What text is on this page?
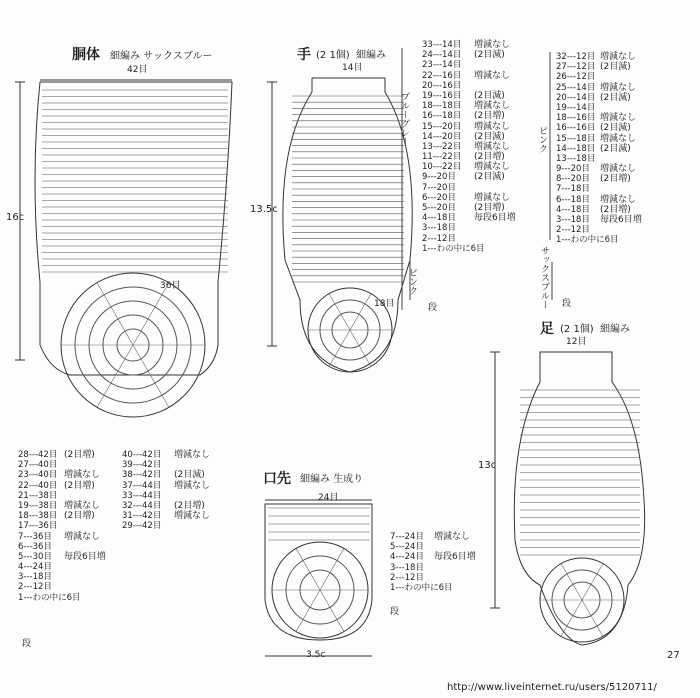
胴体 細編み サックスブルー
42目
36目
16c
28---42目 (2目増)
27---40目
23---40目 増減なし
22---40目 (2目増)
21---38目
19---38目 増減なし
18---38目 (2目増)
17---36目
7---36目 増減なし
6---36目
5---30目 毎段6目増
4---24目
3---18目
2---12目
1---わの中に6目
40---42目 増減なし
39---42目
38---42目 (2目減)
37---44目 増減なし
33---44目
32---44目 (2目増)
31---42目 増減なし
29---42目
段
手 (2 1個) 細編み
14目
18目
13.5c
ブルーグレー
ピンク
33---14目 増減なし
24---14目 (2目減)
23---14目
22---16目 増減なし
20---16目
19---16目 (2目減)
18---18目 増減なし
16---18目 (2目増)
15---20目 増減なし
14---20目 (2目減)
13---22目 増減なし
11---22目 (2目増)
10---22目 増減なし
9---20目 (2目減)
7---20目
6---20目 増減なし
5---20目 (2目増)
4---18目 毎段6目増
3---18目
2---12目
1---わの中に6目
段
ピンク
サックスブルー
32---12目 増減なし
27---12目 (2目減)
26---12目
25---14目 増減なし
20---14目 (2目減)
19---14目
18---16目 増減なし
16---16目 (2目減)
15---18目 増減なし
14---18目 (2目減)
13---18目
9---20目 増減なし
8---20目 (2目増)
7---18目
6---18目 増減なし
4---18目 (2目増)
3---18目 毎段6目増
2---12目
1---わの中に6目
段
足 (2 1個) 細編み
12目
13c
口先 細編み 生成り
24目
3.5c
7---24目 増減なし
5---24目
4---24目 毎段6目増
3---18目
2---12目
1---わの中に6目
段
27
http://www.liveinternet.ru/users/5120711/
